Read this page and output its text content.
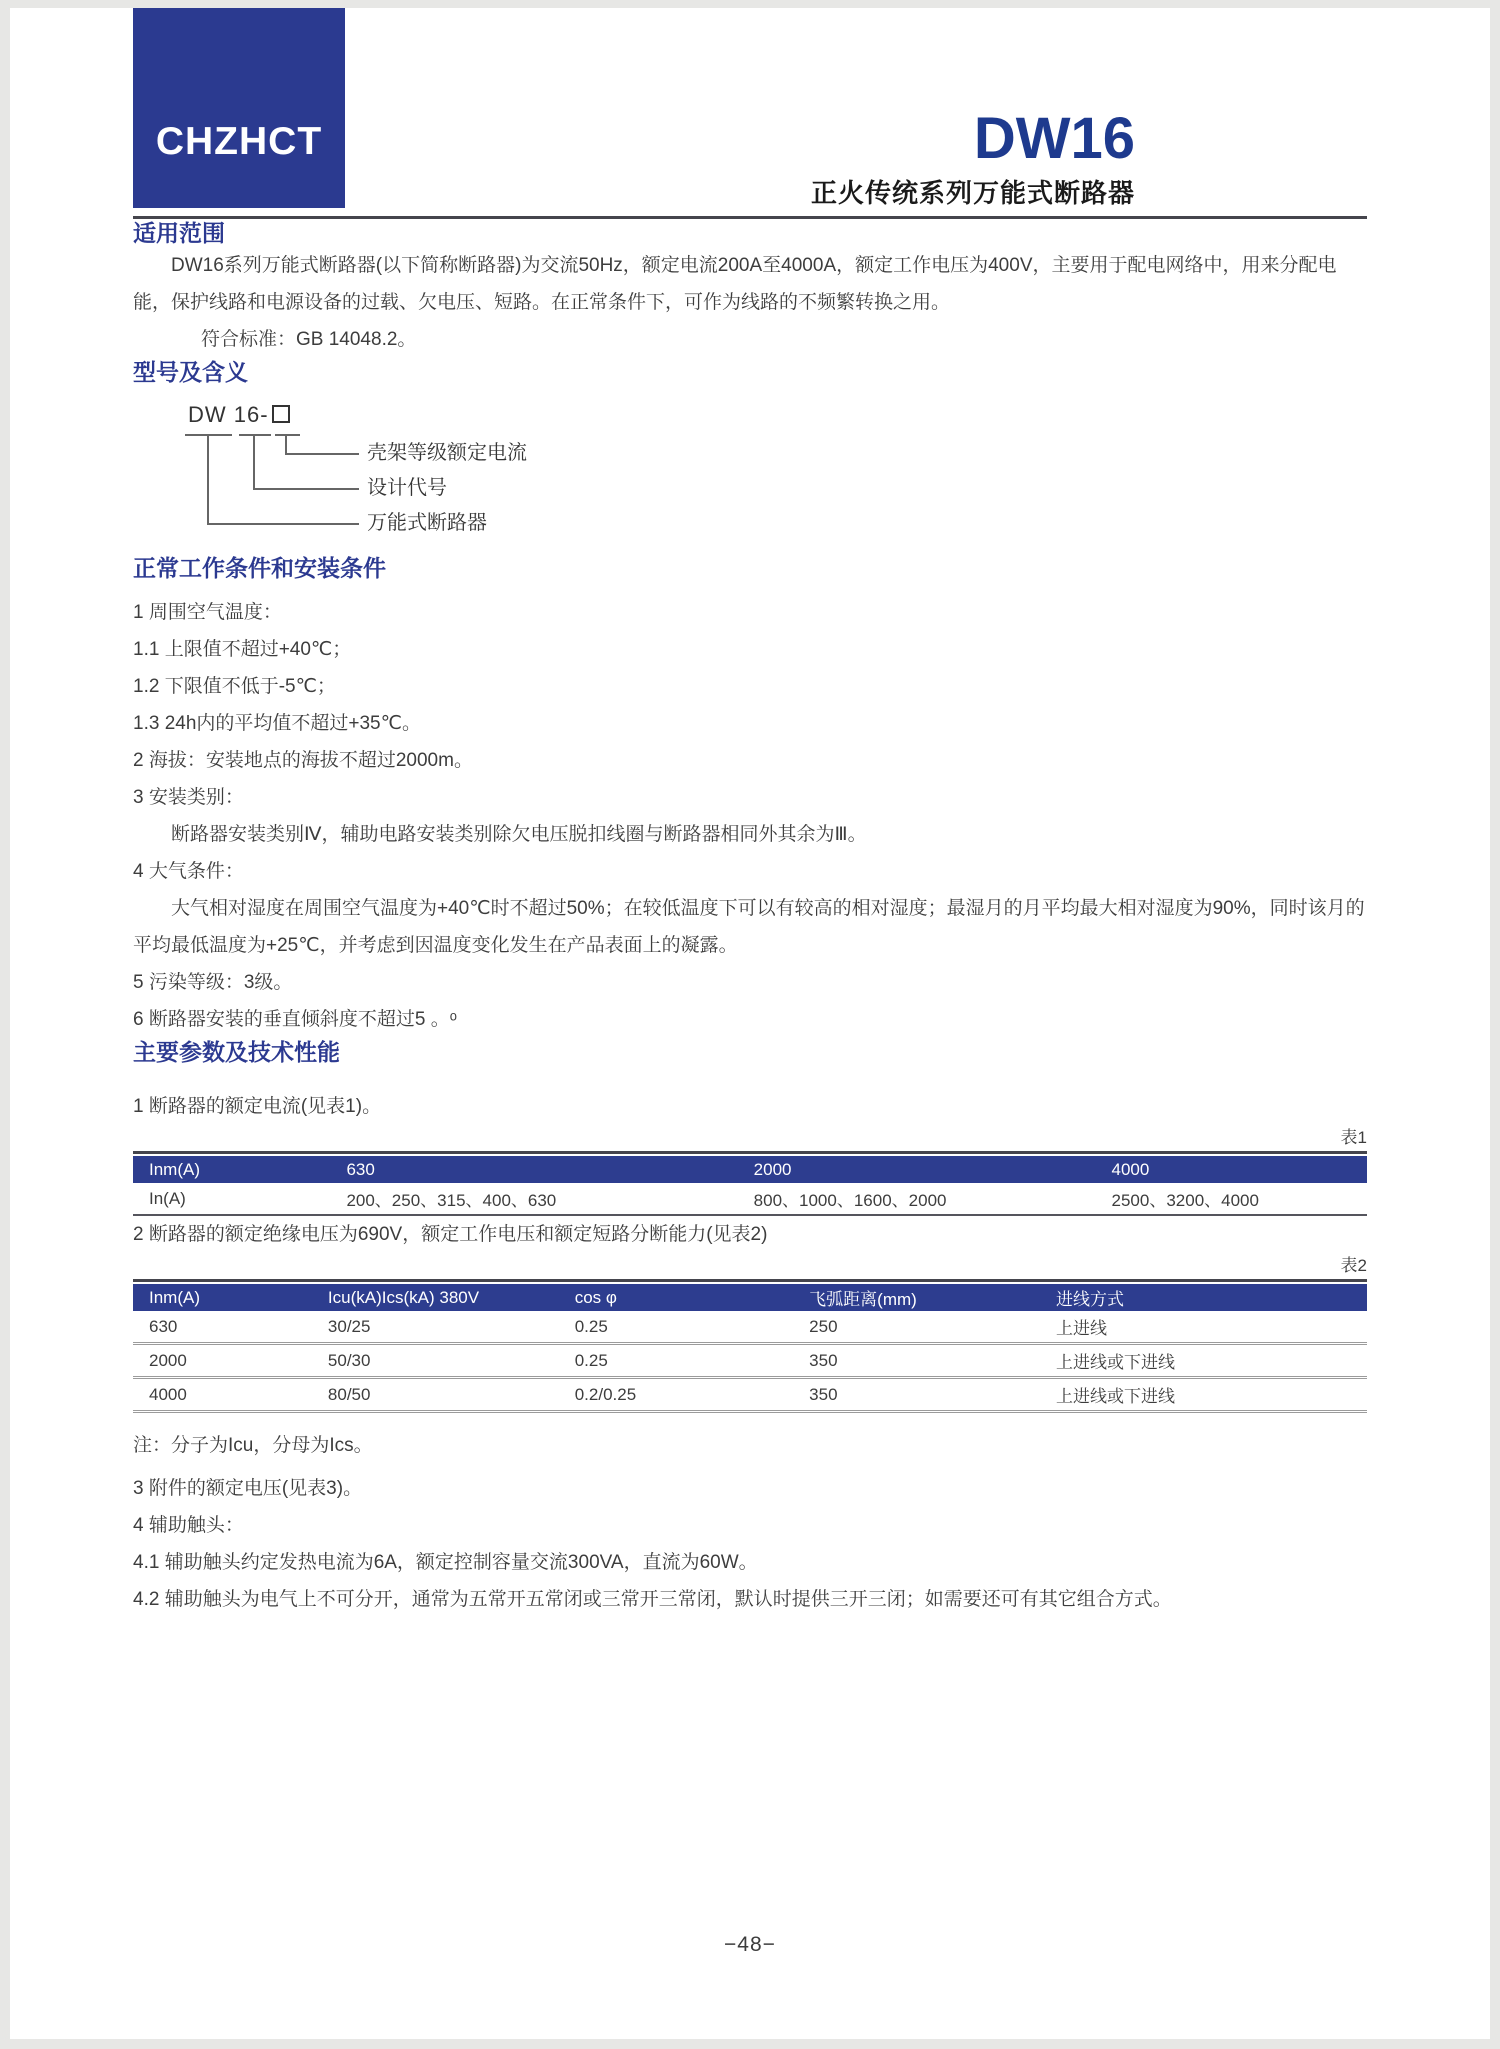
CHZHCT	DW16
正火传统系列万能式断路器
适用范围

DW16系列万能式断路器(以下简称断路器)为交流50Hz，额定电流200A至4000A，额定工作电压为400V，主要用于配电网络中，用来分配电能，保护线路和电源设备的过载、欠电压、短路。在正常条件下，可作为线路的不频繁转换之用。

符合标准：GB 14048.2。

型号及含义
DW 16-
壳架等级额定电流
设计代号
万能式断路器
正常工作条件和安装条件
1 周围空气温度：
1.1 上限值不超过+40℃；
1.2 下限值不低于-5℃；
1.3 24h内的平均值不超过+35℃。
2 海拔：安装地点的海拔不超过2000m。
3 安装类别：
断路器安装类别Ⅳ，辅助电路安装类别除欠电压脱扣线圈与断路器相同外其余为Ⅲ。
4 大气条件：
大气相对湿度在周围空气温度为+40℃时不超过50%；在较低温度下可以有较高的相对湿度；最湿月的月平均最大相对湿度为90%，同时该月的平均最低温度为+25℃，并考虑到因温度变化发生在产品表面上的凝露。
5 污染等级：3级。
6 断路器安装的垂直倾斜度不超过5 。ᵒ
主要参数及技术性能

1 断路器的额定电流(见表1)。

表1
Inm(A)	630	2000	4000
In(A)	200、250、315、400、630	800、1000、1600、2000	2500、3200、4000

2 断路器的额定绝缘电压为690V，额定工作电压和额定短路分断能力(见表2)

表2
Inm(A)	Icu(kA)Ics(kA) 380V	cos φ	飞弧距离(mm)	进线方式
630	30/25	0.25	250	上进线
2000	50/30	0.25	350	上进线或下进线
4000	80/50	0.2/0.25	350	上进线或下进线

注：分子为Icu，分母为Ics。

3 附件的额定电压(见表3)。

4 辅助触头：

4.1 辅助触头约定发热电流为6A，额定控制容量交流300VA，直流为60W。

4.2 辅助触头为电气上不可分开，通常为五常开五常闭或三常开三常闭，默认时提供三开三闭；如需要还可有其它组合方式。

−48−
